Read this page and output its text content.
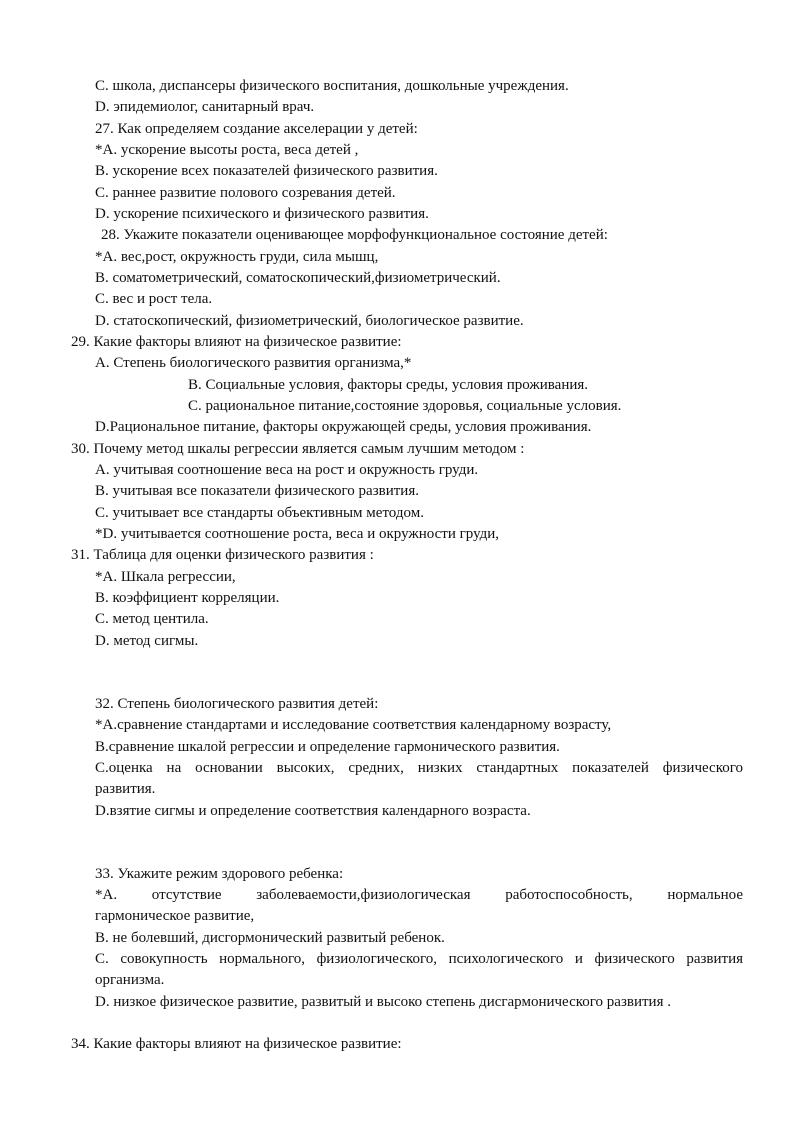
С. школа, диспансеры физического воспитания, дошкольные учреждения.
D. эпидемиолог, санитарный врач.
27. Как определяем создание акселерации у детей:
*А. ускорение высоты роста, веса детей ,
В. ускорение всех показателей физического развития.
С. раннее развитие полового созревания детей.
D. ускорение психического и физического развития.
28. Укажите показатели оценивающее морфофункциональное состояние детей:
*А. вес,рост, окружность груди, сила мышц,
В. соматометрический, соматоскопический,физиометрический.
С. вес и рост тела.
D. статоскопический, физиометрический, биологическое развитие.
29. Какие факторы влияют на физическое развитие:
А. Степень биологического развития организма,*
В. Социальные условия, факторы среды, условия проживания.
С. рациональное питание,состояние здоровья, социальные условия.
D.Рациональное питание, факторы окружающей среды, условия проживания.
30. Почему метод шкалы регрессии является самым лучшим методом :
А. учитывая соотношение веса на рост и окружность груди.
В. учитывая все показатели физического развития.
С. учитывает все стандарты объективным методом.
*D. учитывается соотношение роста, веса и окружности груди,
31. Таблица для оценки физического развития :
*А. Шкала регрессии,
В. коэффициент корреляции.
С. метод центила.
D. метод сигмы.
32. Степень биологического развития детей:
*А.сравнение стандартами и исследование соответствия календарному возрасту,
В.сравнение шкалой регрессии и определение гармонического развития.
С.оценка на основании высоких, средних, низких стандартных показателей физического
развития.
D.взятие сигмы и определение соответствия календарного возраста.
33. Укажите режим здорового ребенка:
*А. отсутствие заболеваемости,физиологическая работоспособность, нормальное
гармоническое развитие,
В. не болевший, дисгормонический развитый ребенок.
С. совокупность нормального, физиологического, психологического и физического развития
организма.
D. низкое физическое развитие, развитый и высоко степень дисгармонического развития .
34. Какие факторы влияют на физическое развитие:
